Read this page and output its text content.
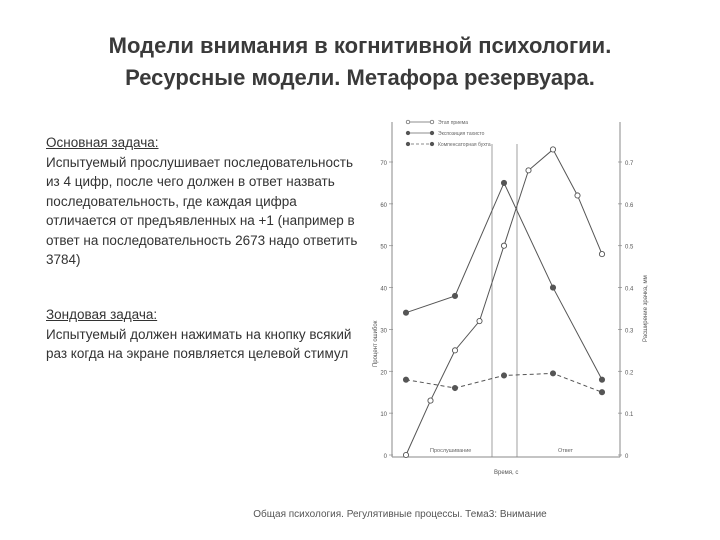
Модели внимания в когнитивной психологии.
Ресурсные модели. Метафора резервуара.
Основная задача:
Испытуемый прослушивает последовательность из 4 цифр, после чего должен в ответ назвать последовательность, где каждая цифра отличается от предъявленных на +1 (например в ответ на последовательность 2673 надо ответить 3784)
Зондовая задача:
Испытуемый должен нажимать на кнопку всякий раз когда на экране появляется целевой стимул
0
10
20
30
40
50
60
70
0
0.1
0.2
0.3
0.4
0.5
0.6
0.7
Процент ошибок
Расширение зрачка, мм
Время, с
Прослушивание	Ответ
Этап приема
Экспозиция тахисто
Компенсаторная бухта
Общая психология. Регулятивные процессы. Тема3: Внимание
